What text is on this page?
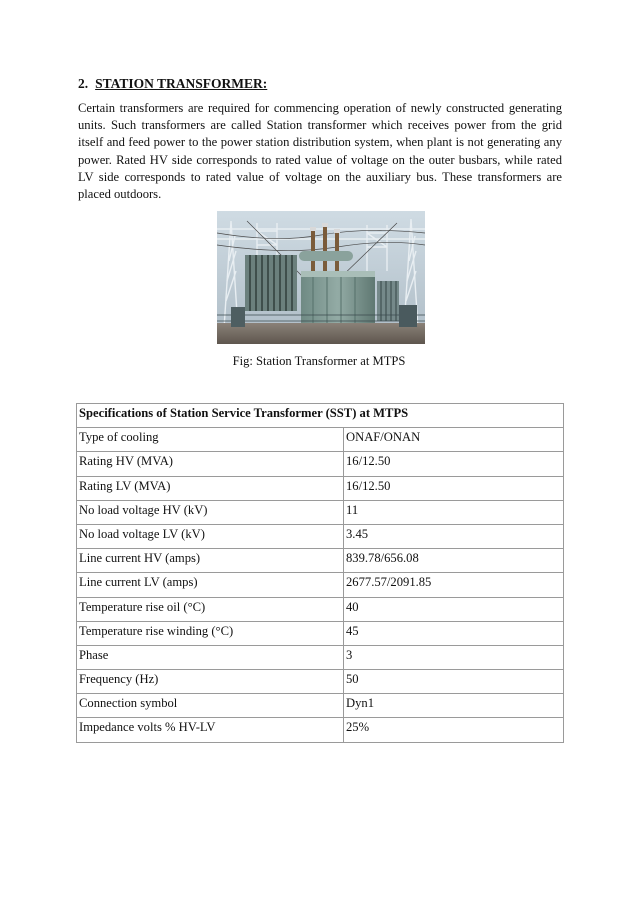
2. STATION TRANSFORMER:

Certain transformers are required for commencing operation of newly constructed generating units. Such transformers are called Station transformer which receives power from the grid itself and feed power to the power station distribution system, when plant is not generating any power. Rated HV side corresponds to rated value of voltage on the outer busbars, while rated LV side corresponds to rated value of voltage on the auxiliary bus. These transformers are placed outdoors.

Fig: Station Transformer at MTPS
Specifications of Station Service Transformer (SST) at MTPS	
Type of cooling	ONAF/ONAN
Rating HV (MVA)	16/12.50
Rating LV (MVA)	16/12.50
No load voltage HV (kV)	11
No load voltage LV (kV)	3.45
Line current HV (amps)	839.78/656.08
Line current LV (amps)	2677.57/2091.85
Temperature rise oil (°C)	40
Temperature rise winding (°C)	45
Phase	3
Frequency (Hz)	50
Connection symbol	Dyn1
Impedance volts % HV-LV	25%
